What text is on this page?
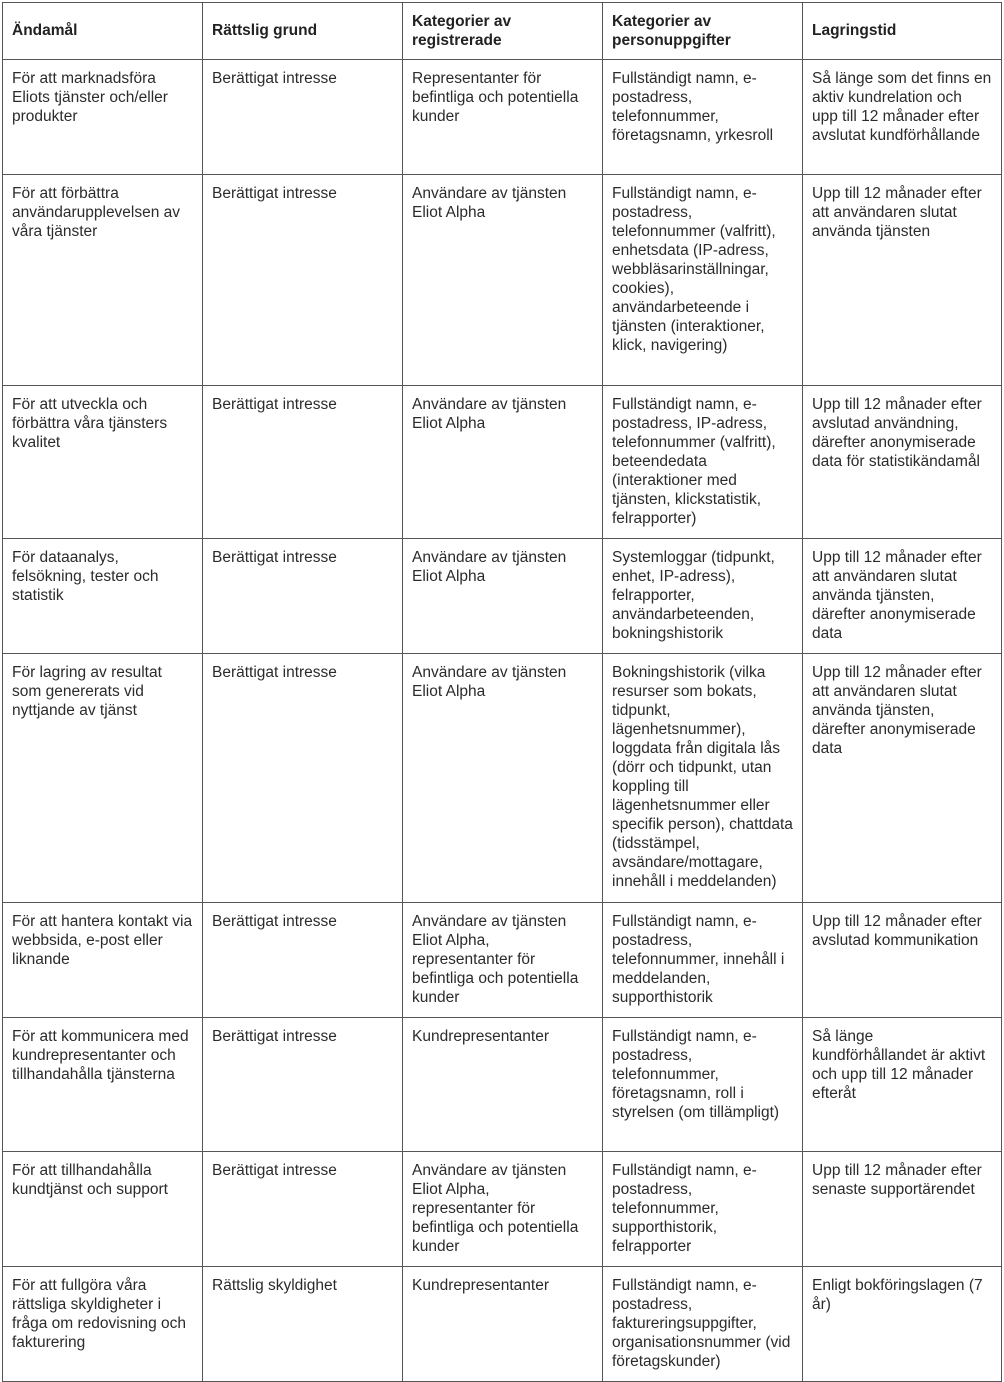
Ändamål	Rättslig grund	Kategorier av registrerade	Kategorier av personuppgifter	Lagringstid
För att marknadsföra Eliots tjänster och/eller produkter	Berättigat intresse	Representanter för befintliga och potentiella kunder	Fullständigt namn, e-postadress, telefonnummer, företagsnamn, yrkesroll	Så länge som det finns en aktiv kundrelation och upp till 12 månader efter avslutat kundförhållande
För att förbättra användarupplevelsen av våra tjänster	Berättigat intresse	Användare av tjänsten Eliot Alpha	Fullständigt namn, e-postadress, telefonnummer (valfritt), enhetsdata (IP-adress, webbläsarinställningar, cookies), användarbeteende i tjänsten (interaktioner, klick, navigering)	Upp till 12 månader efter att användaren slutat använda tjänsten
För att utveckla och förbättra våra tjänsters kvalitet	Berättigat intresse	Användare av tjänsten Eliot Alpha	Fullständigt namn, e-postadress, IP-adress, telefonnummer (valfritt), beteendedata (interaktioner med tjänsten, klickstatistik, felrapporter)	Upp till 12 månader efter avslutad användning, därefter anonymiserade data för statistikändamål
För dataanalys, felsökning, tester och statistik	Berättigat intresse	Användare av tjänsten Eliot Alpha	Systemloggar (tidpunkt, enhet, IP-adress), felrapporter, användarbeteenden, bokningshistorik	Upp till 12 månader efter att användaren slutat använda tjänsten, därefter anonymiserade data
För lagring av resultat som genererats vid nyttjande av tjänst	Berättigat intresse	Användare av tjänsten Eliot Alpha	Bokningshistorik (vilka resurser som bokats, tidpunkt, lägenhetsnummer), loggdata från digitala lås (dörr och tidpunkt, utan koppling till lägenhetsnummer eller specifik person), chattdata (tidsstämpel, avsändare/mottagare, innehåll i meddelanden)	Upp till 12 månader efter att användaren slutat använda tjänsten, därefter anonymiserade data
För att hantera kontakt via webbsida, e-post eller liknande	Berättigat intresse	Användare av tjänsten Eliot Alpha, representanter för befintliga och potentiella kunder	Fullständigt namn, e-postadress, telefonnummer, innehåll i meddelanden, supporthistorik	Upp till 12 månader efter avslutad kommunikation
För att kommunicera med kundrepresentanter och tillhandahålla tjänsterna	Berättigat intresse	Kundrepresentanter	Fullständigt namn, e-postadress, telefonnummer, företagsnamn, roll i styrelsen (om tillämpligt)	Så länge kundförhållandet är aktivt och upp till 12 månader efteråt
För att tillhandahålla kundtjänst och support	Berättigat intresse	Användare av tjänsten Eliot Alpha, representanter för befintliga och potentiella kunder	Fullständigt namn, e-postadress, telefonnummer, supporthistorik, felrapporter	Upp till 12 månader efter senaste supportärendet
För att fullgöra våra rättsliga skyldigheter i fråga om redovisning och fakturering	Rättslig skyldighet	Kundrepresentanter	Fullständigt namn, e-postadress, faktureringsuppgifter, organisationsnummer (vid företagskunder)	Enligt bokföringslagen (7 år)
